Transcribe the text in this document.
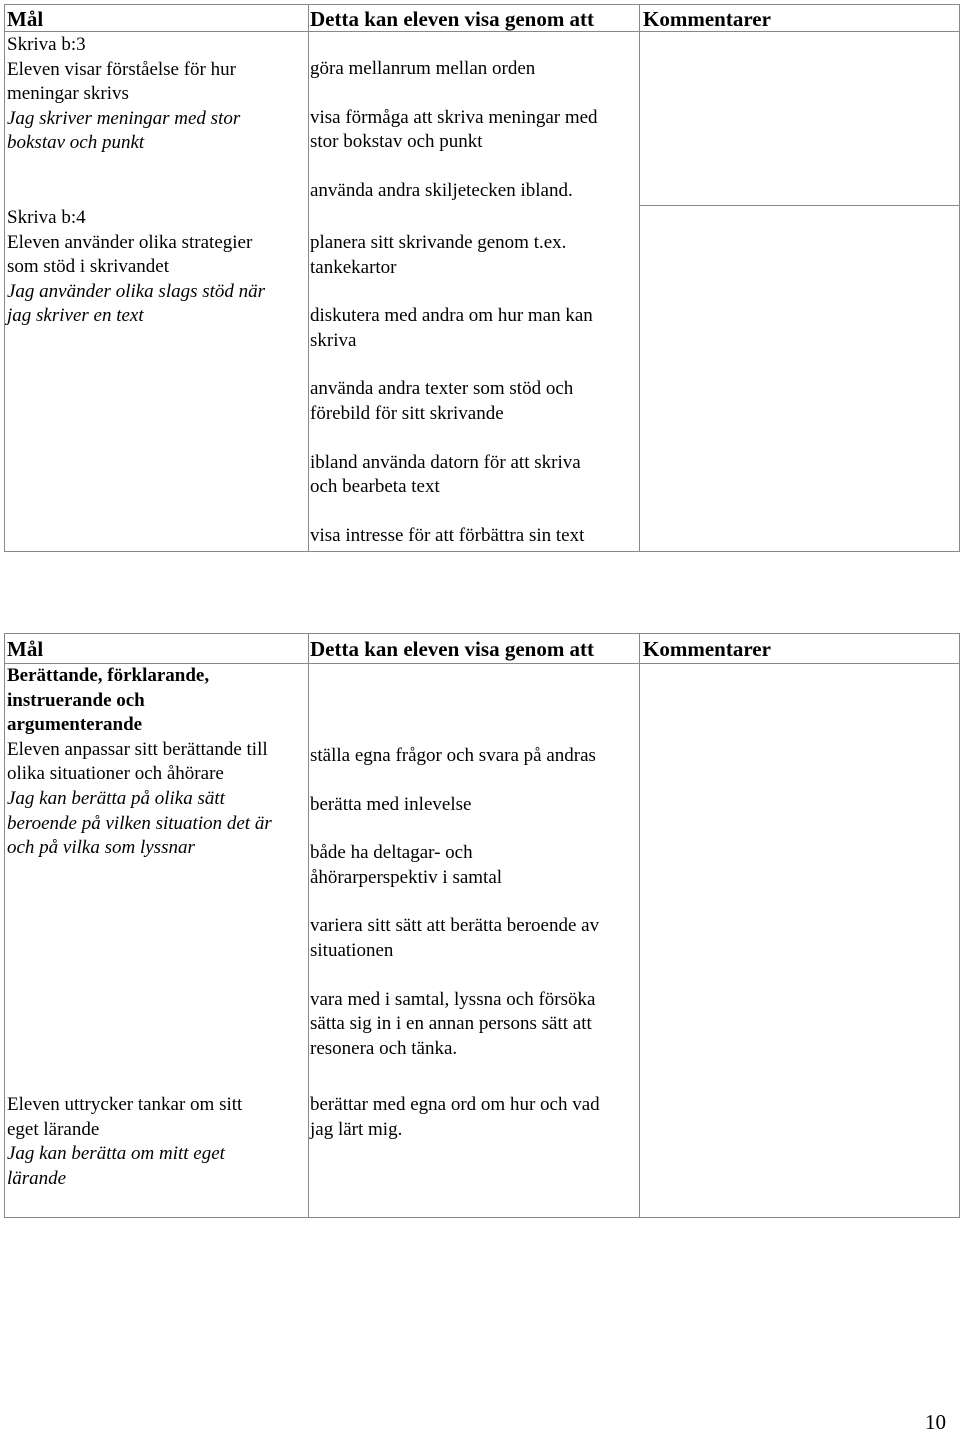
Mål	Detta kan eleven visa genom att Kommentarer
Skriva b:3
Eleven visar förståelse för hur
meningar skrivs
Jag skriver meningar med stor
bokstav och punkt
Skriva b:4
Eleven använder olika strategier
som stöd i skrivandet
Jag använder olika slags stöd när
jag skriver en text
göra mellanrum mellan orden
visa förmåga att skriva meningar med
stor bokstav och punkt
använda andra skiljetecken ibland.
planera sitt skrivande genom t.ex.
tankekartor
diskutera med andra om hur man kan
skriva
använda andra texter som stöd och
förebild för sitt skrivande
ibland använda datorn för att skriva
och bearbeta text
visa intresse för att förbättra sin text
Mål	Detta kan eleven visa genom att Kommentarer
Berättande, förklarande,
instruerande och
argumenterande
Eleven anpassar sitt berättande till
olika situationer och åhörare
Jag kan berätta på olika sätt
beroende på vilken situation det är
och på vilka som lyssnar
Eleven uttrycker tankar om sitt
eget lärande
Jag kan berätta om mitt eget
lärande
ställa egna frågor och svara på andras
berätta med inlevelse
både ha deltagar- och
åhörarperspektiv i samtal
variera sitt sätt att berätta beroende av
situationen
vara med i samtal, lyssna och försöka
sätta sig in i en annan persons sätt att
resonera och tänka.
berättar med egna ord om hur och vad
jag lärt mig.
10
